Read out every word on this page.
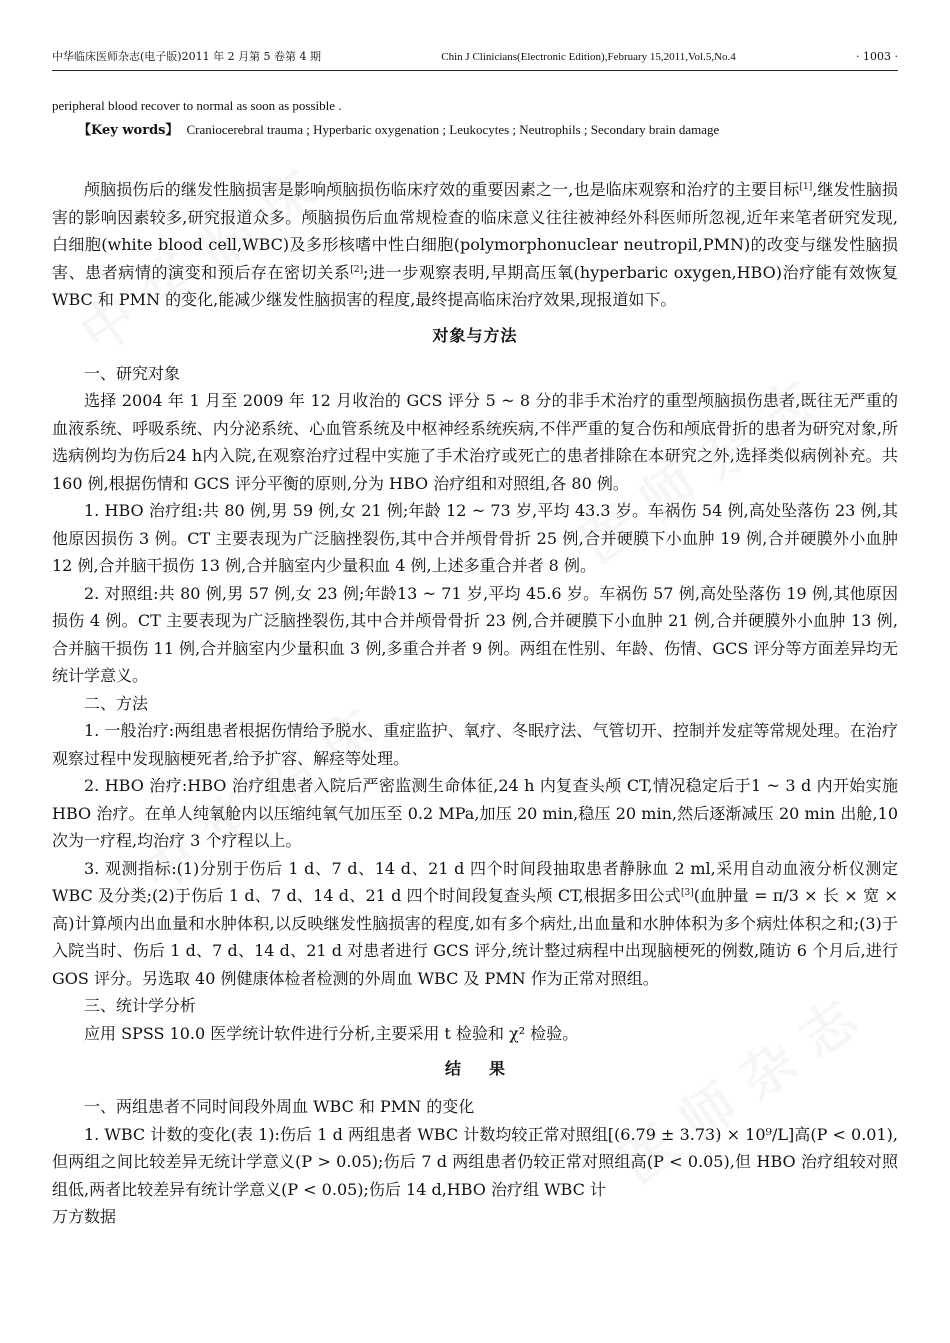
中华临床医师杂志(电子版)2011 年 2 月第 5 卷第 4 期	Chin J Clinicians(Electronic Edition),February 15,2011,Vol.5,No.4	· 1003 ·
peripheral blood recover to normal as soon as possible .
【Key words】 Craniocerebral trauma ; Hyperbaric oxygenation ; Leukocytes ; Neutrophils ; Secondary brain damage

颅脑损伤后的继发性脑损害是影响颅脑损伤临床疗效的重要因素之一,也是临床观察和治疗的主要目标[1],继发性脑损害的影响因素较多,研究报道众多。颅脑损伤后血常规检查的临床意义往往被神经外科医师所忽视,近年来笔者研究发现,白细胞(white blood cell,WBC)及多形核嗜中性白细胞(polymorphonuclear neutropil,PMN)的改变与继发性脑损害、患者病情的演变和预后存在密切关系[2];进一步观察表明,早期高压氧(hyperbaric oxygen,HBO)治疗能有效恢复 WBC 和 PMN 的变化,能减少继发性脑损害的程度,最终提高临床治疗效果,现报道如下。

对象与方法

一、研究对象

选择 2004 年 1 月至 2009 年 12 月收治的 GCS 评分 5 ~ 8 分的非手术治疗的重型颅脑损伤患者,既往无严重的血液系统、呼吸系统、内分泌系统、心血管系统及中枢神经系统疾病,不伴严重的复合伤和颅底骨折的患者为研究对象,所选病例均为伤后24 h内入院,在观察治疗过程中实施了手术治疗或死亡的患者排除在本研究之外,选择类似病例补充。共 160 例,根据伤情和 GCS 评分平衡的原则,分为 HBO 治疗组和对照组,各 80 例。

1. HBO 治疗组:共 80 例,男 59 例,女 21 例;年龄 12 ~ 73 岁,平均 43.3 岁。车祸伤 54 例,高处坠落伤 23 例,其他原因损伤 3 例。CT 主要表现为广泛脑挫裂伤,其中合并颅骨骨折 25 例,合并硬膜下小血肿 19 例,合并硬膜外小血肿 12 例,合并脑干损伤 13 例,合并脑室内少量积血 4 例,上述多重合并者 8 例。

2. 对照组:共 80 例,男 57 例,女 23 例;年龄13 ~ 71 岁,平均 45.6 岁。车祸伤 57 例,高处坠落伤 19 例,其他原因损伤 4 例。CT 主要表现为广泛脑挫裂伤,其中合并颅骨骨折 23 例,合并硬膜下小血肿 21 例,合并硬膜外小血肿 13 例,合并脑干损伤 11 例,合并脑室内少量积血 3 例,多重合并者 9 例。两组在性别、年龄、伤情、GCS 评分等方面差异均无统计学意义。

二、方法

1. 一般治疗:两组患者根据伤情给予脱水、重症监护、氧疗、冬眠疗法、气管切开、控制并发症等常规处理。在治疗观察过程中发现脑梗死者,给予扩容、解痉等处理。

2. HBO 治疗:HBO 治疗组患者入院后严密监测生命体征,24 h 内复查头颅 CT,情况稳定后于1 ~ 3 d 内开始实施 HBO 治疗。在单人纯氧舱内以压缩纯氧气加压至 0.2 MPa,加压 20 min,稳压 20 min,然后逐渐减压 20 min 出舱,10 次为一疗程,均治疗 3 个疗程以上。

3. 观测指标:(1)分别于伤后 1 d、7 d、14 d、21 d 四个时间段抽取患者静脉血 2 ml,采用自动血液分析仪测定 WBC 及分类;(2)于伤后 1 d、7 d、14 d、21 d 四个时间段复查头颅 CT,根据多田公式[3](血肿量 = π/3 × 长 × 宽 × 高)计算颅内出血量和水肿体积,以反映继发性脑损害的程度,如有多个病灶,出血量和水肿体积为多个病灶体积之和;(3)于入院当时、伤后 1 d、7 d、14 d、21 d 对患者进行 GCS 评分,统计整过病程中出现脑梗死的例数,随访 6 个月后,进行 GOS 评分。另选取 40 例健康体检者检测的外周血 WBC 及 PMN 作为正常对照组。

三、统计学分析

应用 SPSS 10.0 医学统计软件进行分析,主要采用 t 检验和 χ² 检验。

结果

一、两组患者不同时间段外周血 WBC 和 PMN 的变化

1. WBC 计数的变化(表 1):伤后 1 d 两组患者 WBC 计数均较正常对照组[(6.79 ± 3.73) × 10⁹/L]高(P < 0.01),但两组之间比较差异无统计学意义(P > 0.05);伤后 7 d 两组患者仍较正常对照组高(P < 0.05),但 HBO 治疗组较对照组低,两者比较差异有统计学意义(P < 0.05);伤后 14 d,HBO 治疗组 WBC 计

万方数据
